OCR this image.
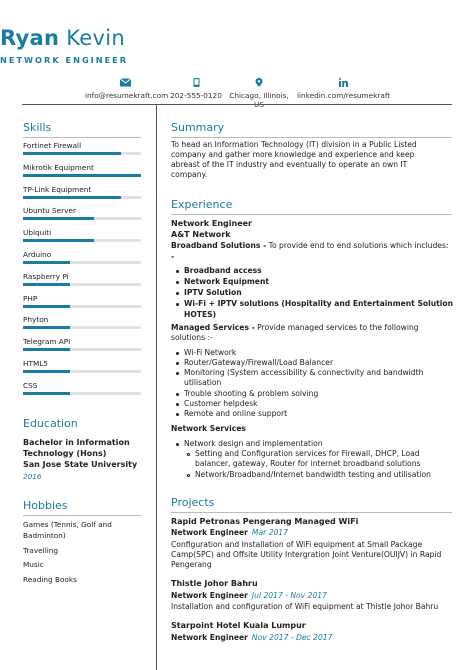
Ryan Kevin
NETWORK ENGINEER
info@resumekraft.com 202-555-0120	Chicago, Illinois,	linkedin.com/resumekraft
Skills
Fortinet Firewall
Mikrotik Equipment
TP-Link Equipment
Ubuntu Server
Ubiquiti
Arduino
Raspberry Pi
PHP
Phyton
Telegram API
HTML5
CSS
Education
Bachelor in Information
Technology (Hons)
San Jose State University
2016
Hobbies
Games (Tennis, Golf and
Badminton)
Travelling
Music
Reading Books
Summary
To head an Information Technology (IT) division in a Public Listed
company and gather more knowledge and experience and keep
abreast of the IT industry and eventually to operate an own IT
company.
Experience
Network Engineer
A&T Network
Broadband Solutions - To provide end to end solutions which includes:
-
Broadband access
Network Equipment
IPTV Solution
Wi-Fi + IPTV solutions (Hospitality and Entertainment Solution
HOTES)
Managed Services - Provide managed services to the following
solutions :-
Wi-Fi Network
Router/Gateway/Firewall/Load Balancer
Monitoring (System accessibility & connectivity and bandwidth
utilisation
Trouble shooting & problem solving
Customer helpdesk
Remote and online support
Network Services
Network design and implementation
Setting and Configuration services for Firewall, DHCP, Load
balancer, gateway, Router for internet broadband solutions
Network/Broadband/Internet bandwidth testing and utilisation
Projects
Rapid Petronas Pengerang Managed WiFi
Network Engineer Mar 2017
Configuration and Installation of WiFi equipment at Small Package
Camp(SPC) and Offsite Utility Intergration Joint Venture(OUIJV) in Rapid
Pengerang
Thistle Johor Bahru
Network Engineer Jul 2017 - Nov 2017
Installation and configuration of WiFi equipment at Thistle Johor Bahru
Starpoint Hotel Kuala Lumpur
Network Engineer Nov 2017 - Dec 2017
